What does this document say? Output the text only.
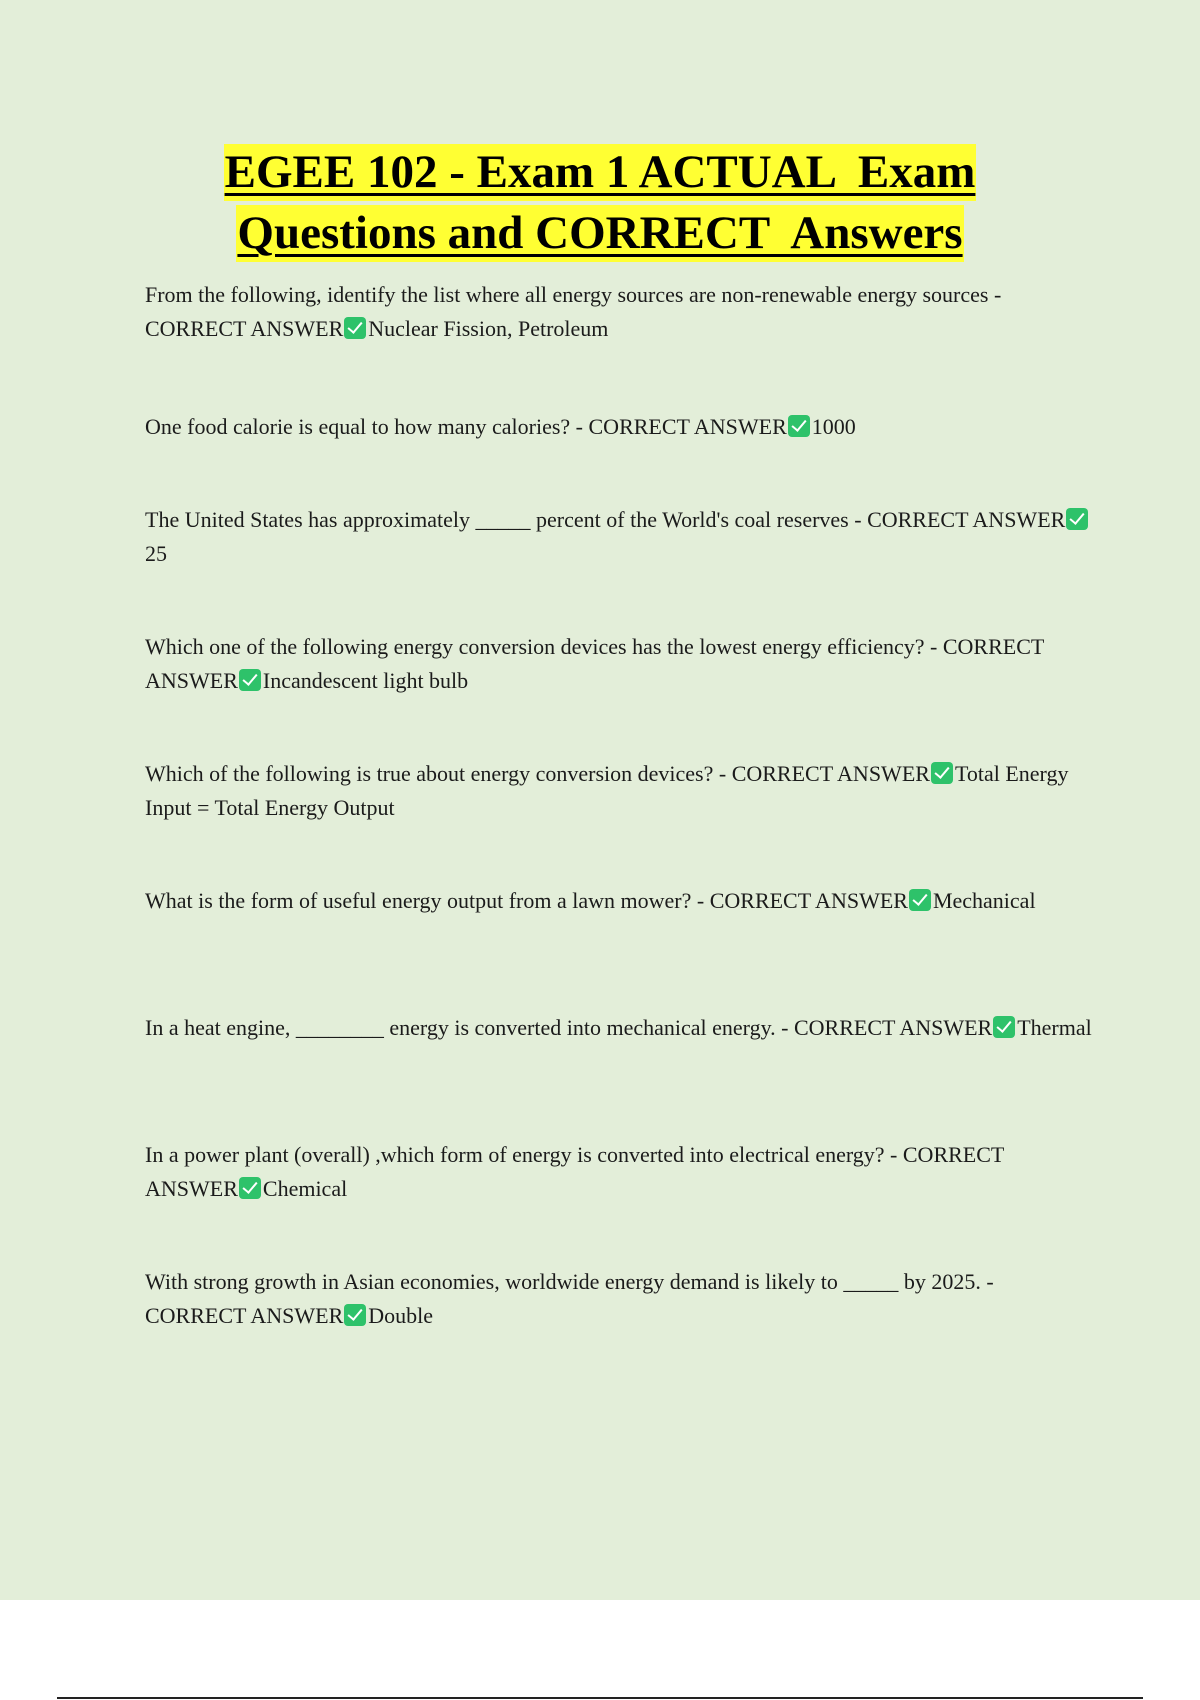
EGEE 102 - Exam 1 ACTUAL  Exam
Questions and CORRECT  Answers
From the following, identify the list where all energy sources are non-renewable energy sources - CORRECT ANSWER Nuclear Fission, Petroleum
One food calorie is equal to how many calories? - CORRECT ANSWER 1000
The United States has approximately _____ percent of the World's coal reserves - CORRECT ANSWER25
Which one of the following energy conversion devices has the lowest energy efficiency? - CORRECT ANSWER Incandescent light bulb
Which of the following is true about energy conversion devices? - CORRECT ANSWER Total Energy Input = Total Energy Output
What is the form of useful energy output from a lawn mower? - CORRECT ANSWER Mechanical
In a heat engine, ________ energy is converted into mechanical energy. - CORRECT ANSWER Thermal
In a power plant (overall) ,which form of energy is converted into electrical energy? - CORRECT ANSWER Chemical
With strong growth in Asian economies, worldwide energy demand is likely to _____ by 2025. - CORRECT ANSWER Double
